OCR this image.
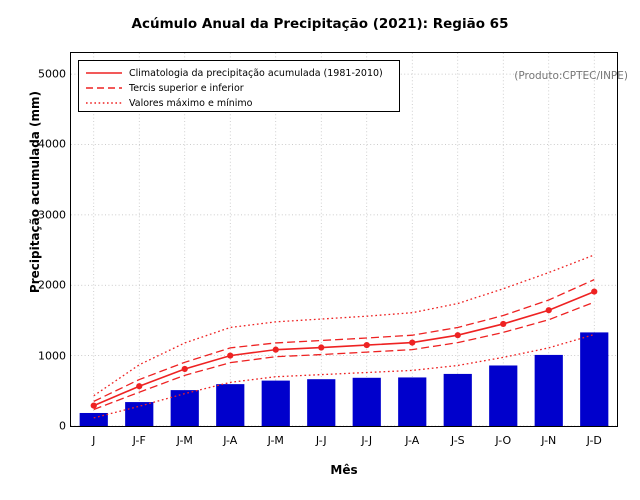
Acúmulo Anual da Precipitação (2021): Região 65
Precipitação acumulada (mm)
Mês
0
1000
2000
3000
4000
5000
J	J-F	J-M	J-A	J-M	J-J	J-J	J-A	J-S	J-O	J-N	J-D
Climatologia da precipitação acumulada (1981-2010)
Tercis superior e inferior
Valores máximo e mínimo
(Produto:CPTEC/INPE)
